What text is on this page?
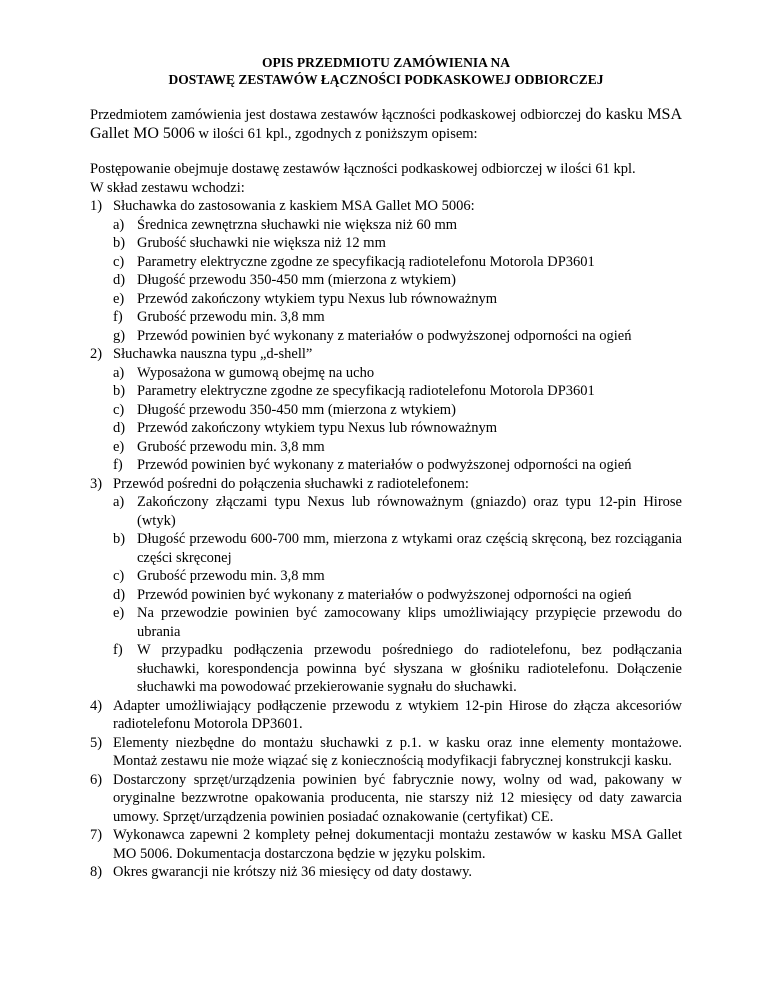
OPIS PRZEDMIOTU ZAMÓWIENIA NA
DOSTAWĘ ZESTAWÓW ŁĄCZNOŚCI PODKASKOWEJ ODBIORCZEJ
Przedmiotem zamówienia jest dostawa zestawów łączności podkaskowej odbiorczej do kasku MSA Gallet MO 5006 w ilości 61 kpl., zgodnych z poniższym opisem:
Postępowanie obejmuje dostawę zestawów łączności podkaskowej odbiorczej w ilości 61 kpl.
W skład zestawu wchodzi:
1) Słuchawka do zastosowania z kaskiem MSA Gallet MO 5006:
a) Średnica zewnętrzna słuchawki nie większa niż 60 mm
b) Grubość słuchawki nie większa niż 12 mm
c) Parametry elektryczne zgodne ze specyfikacją radiotelefonu Motorola DP3601
d) Długość przewodu 350-450 mm (mierzona z wtykiem)
e) Przewód zakończony wtykiem typu Nexus lub równoważnym
f) Grubość przewodu min. 3,8 mm
g) Przewód powinien być wykonany z materiałów o podwyższonej odporności na ogień
2) Słuchawka nauszna typu „d-shell”
a) Wyposażona w gumową obejmę na ucho
b) Parametry elektryczne zgodne ze specyfikacją radiotelefonu Motorola DP3601
c) Długość przewodu 350-450 mm (mierzona z wtykiem)
d) Przewód zakończony wtykiem typu Nexus lub równoważnym
e) Grubość przewodu min. 3,8 mm
f) Przewód powinien być wykonany z materiałów o podwyższonej odporności na ogień
3) Przewód pośredni do połączenia słuchawki z radiotelefonem:
a) Zakończony złączami typu Nexus lub równoważnym (gniazdo) oraz typu 12-pin Hirose (wtyk)
b) Długość przewodu 600-700 mm, mierzona z wtykami oraz częścią skręconą, bez rozciągania części skręconej
c) Grubość przewodu min. 3,8 mm
d) Przewód powinien być wykonany z materiałów o podwyższonej odporności na ogień
e) Na przewodzie powinien być zamocowany klips umożliwiający przypięcie przewodu do ubrania
f) W przypadku podłączenia przewodu pośredniego do radiotelefonu, bez podłączania słuchawki, korespondencja powinna być słyszana w głośniku radiotelefonu. Dołączenie słuchawki ma powodować przekierowanie sygnału do słuchawki.
4) Adapter umożliwiający podłączenie przewodu z wtykiem 12-pin Hirose do złącza akcesoriów radiotelefonu Motorola DP3601.
5) Elementy niezbędne do montażu słuchawki z p.1. w kasku oraz inne elementy montażowe. Montaż zestawu nie może wiązać się z koniecznością modyfikacji fabrycznej konstrukcji kasku.
6) Dostarczony sprzęt/urządzenia powinien być fabrycznie nowy, wolny od wad, pakowany w oryginalne bezzwrotne opakowania producenta, nie starszy niż 12 miesięcy od daty zawarcia umowy. Sprzęt/urządzenia powinien posiadać oznakowanie (certyfikat) CE.
7) Wykonawca zapewni 2 komplety pełnej dokumentacji montażu zestawów w kasku MSA Gallet MO 5006. Dokumentacja dostarczona będzie w języku polskim.
8) Okres gwarancji nie krótszy niż 36 miesięcy od daty dostawy.
